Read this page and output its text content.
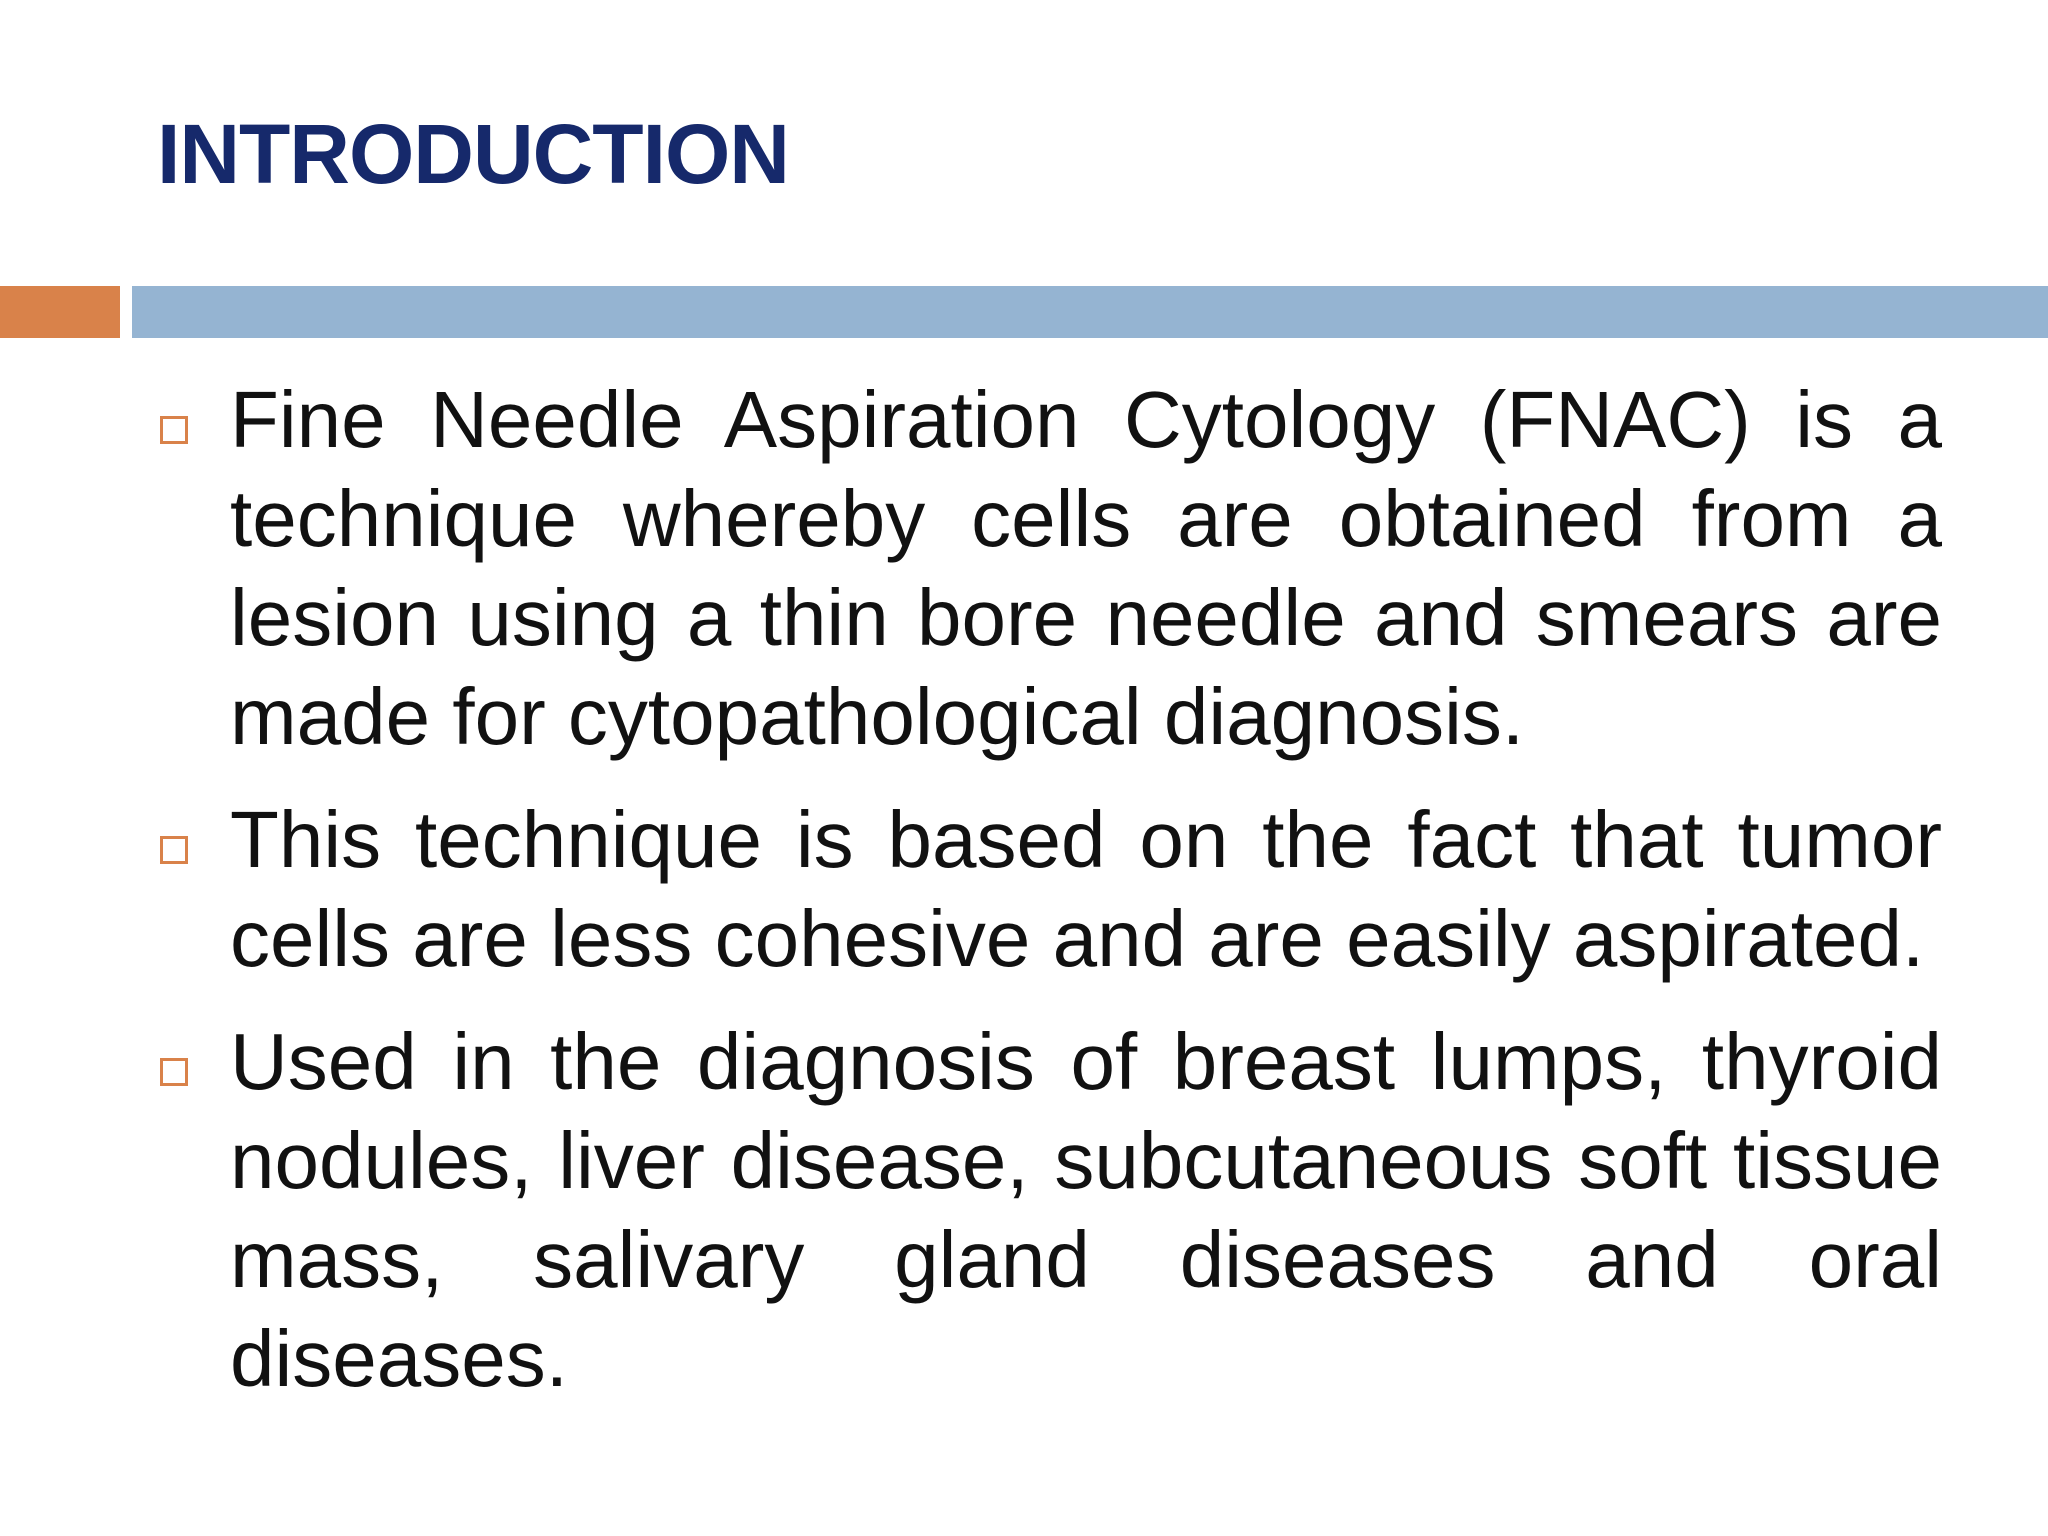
INTRODUCTION
Fine Needle Aspiration Cytology (FNAC) is a technique whereby cells are obtained from a lesion using a thin bore needle and smears are made for cytopathological diagnosis.
This technique is based on the fact that tumor cells are less cohesive and are easily aspirated.
Used in the diagnosis of breast lumps, thyroid nodules, liver disease, subcutaneous soft tissue mass, salivary gland diseases and oral diseases.
